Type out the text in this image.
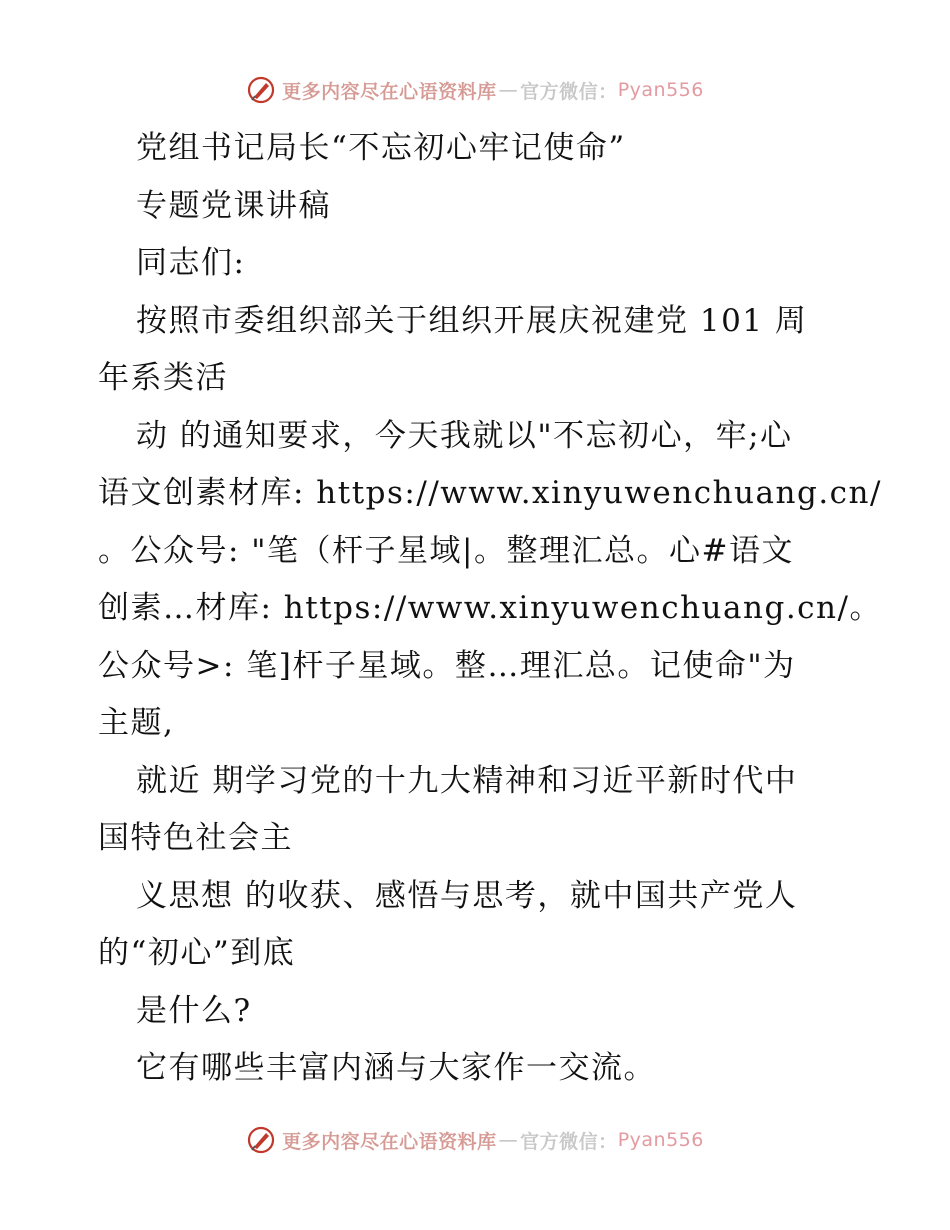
更多内容尽在心语资料库 — 官方微信： Pyan556
党组书记局长“不忘初心牢记使命”
专题党课讲稿
同志们:
按照市委组织部关于组织开展庆祝建党 101 周
年系类活
动 的通知要求，今天我就以"不忘初心，牢;心
语文创素材库: https://www.xinyuwenchuang.cn/
。公众号: "笔（杆子星域|。整理汇总。心#语文
创素…材库: https://www.xinyuwenchuang.cn/。
公众号>: 笔]杆子星域。整…理汇总。记使命"为
主题,
就近 期学习党的十九大精神和习近平新时代中
国特色社会主
义思想 的收获、感悟与思考，就中国共产党人
的“初心”到底
是什么?
它有哪些丰富内涵与大家作一交流。
更多内容尽在心语资料库 — 官方微信： Pyan556
